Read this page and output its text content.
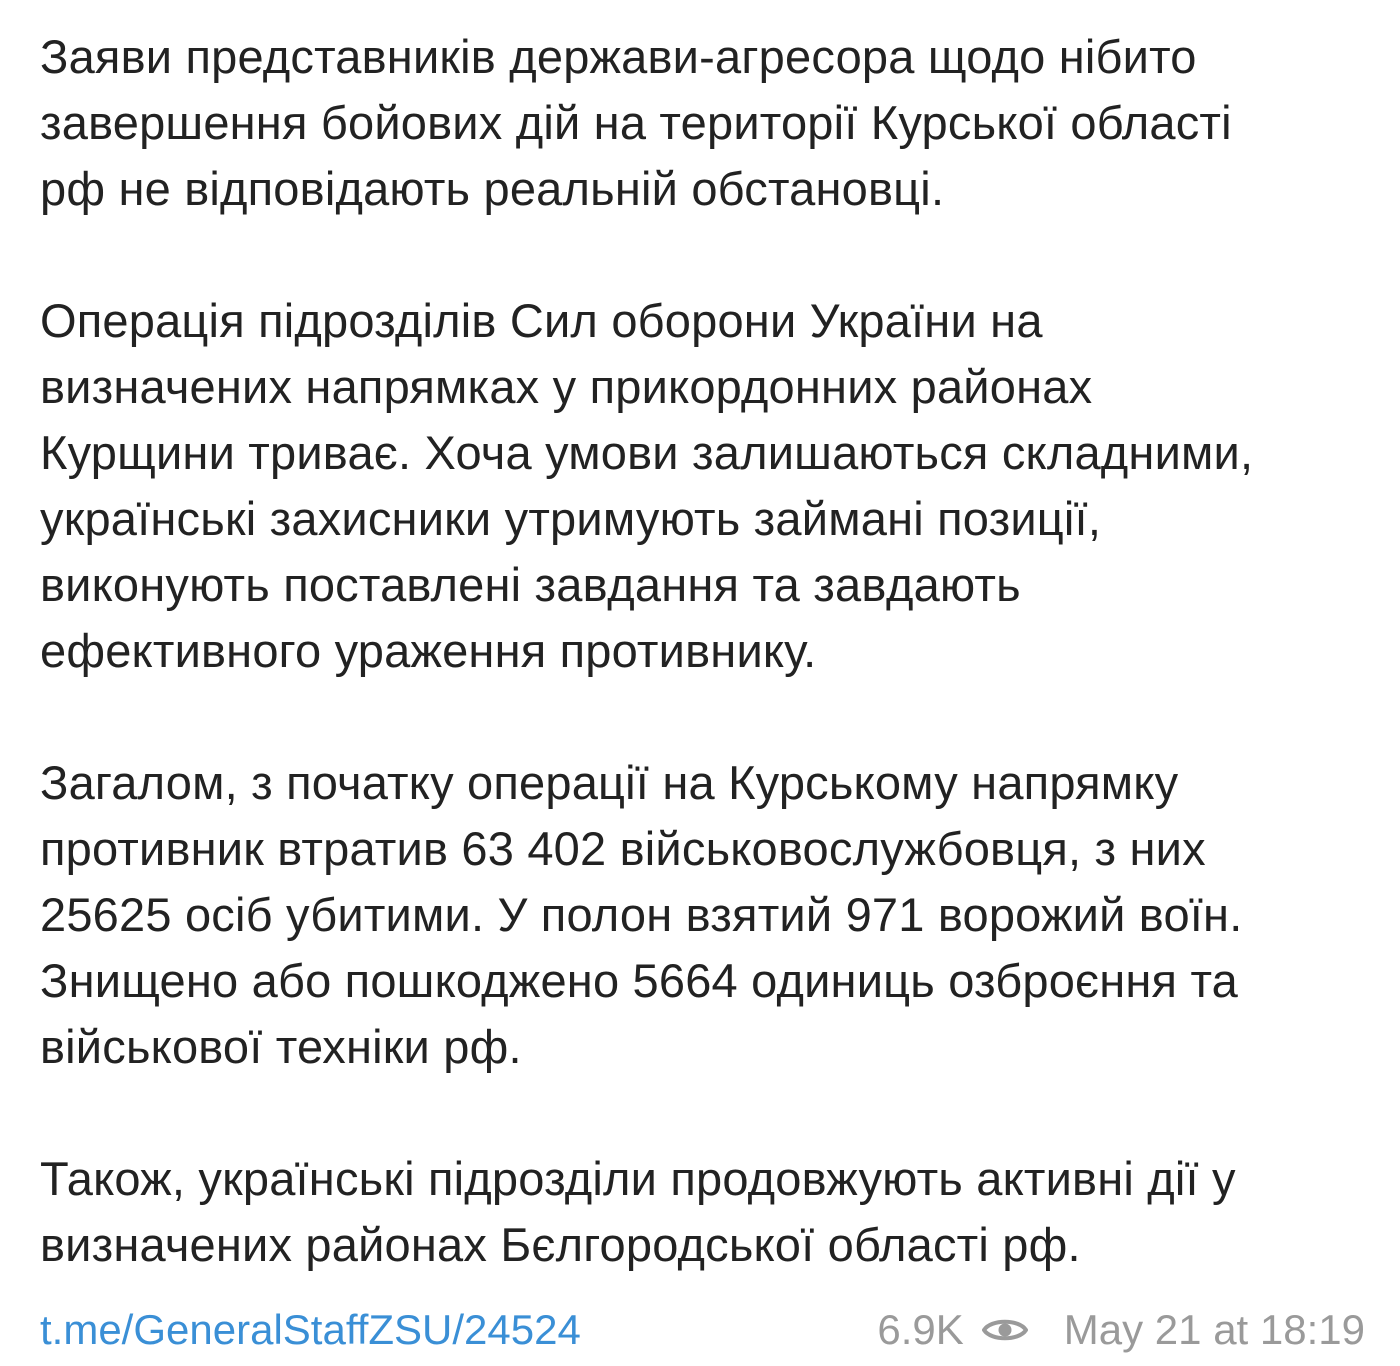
Заяви представників держави-агресора щодо нібито
завершення бойових дій на території Курської області
рф не відповідають реальній обстановці.

Операція підрозділів Сил оборони України на
визначених напрямках у прикордонних районах
Курщини триває. Хоча умови залишаються складними,
українські захисники утримують займані позиції,
виконують поставлені завдання та завдають
ефективного ураження противнику.

Загалом, з початку операції на Курському напрямку
противник втратив 63 402 військовослужбовця, з них
25625 осіб убитими. У полон взятий 971 ворожий воїн.
Знищено або пошкоджено 5664 одиниць озброєння та
військової техніки рф.

Також, українські підрозділи продовжують активні дії у
визначених районах Бєлгородської області рф.

t.me/GeneralStaffZSU/24524	6.9K May 21 at 18:19
